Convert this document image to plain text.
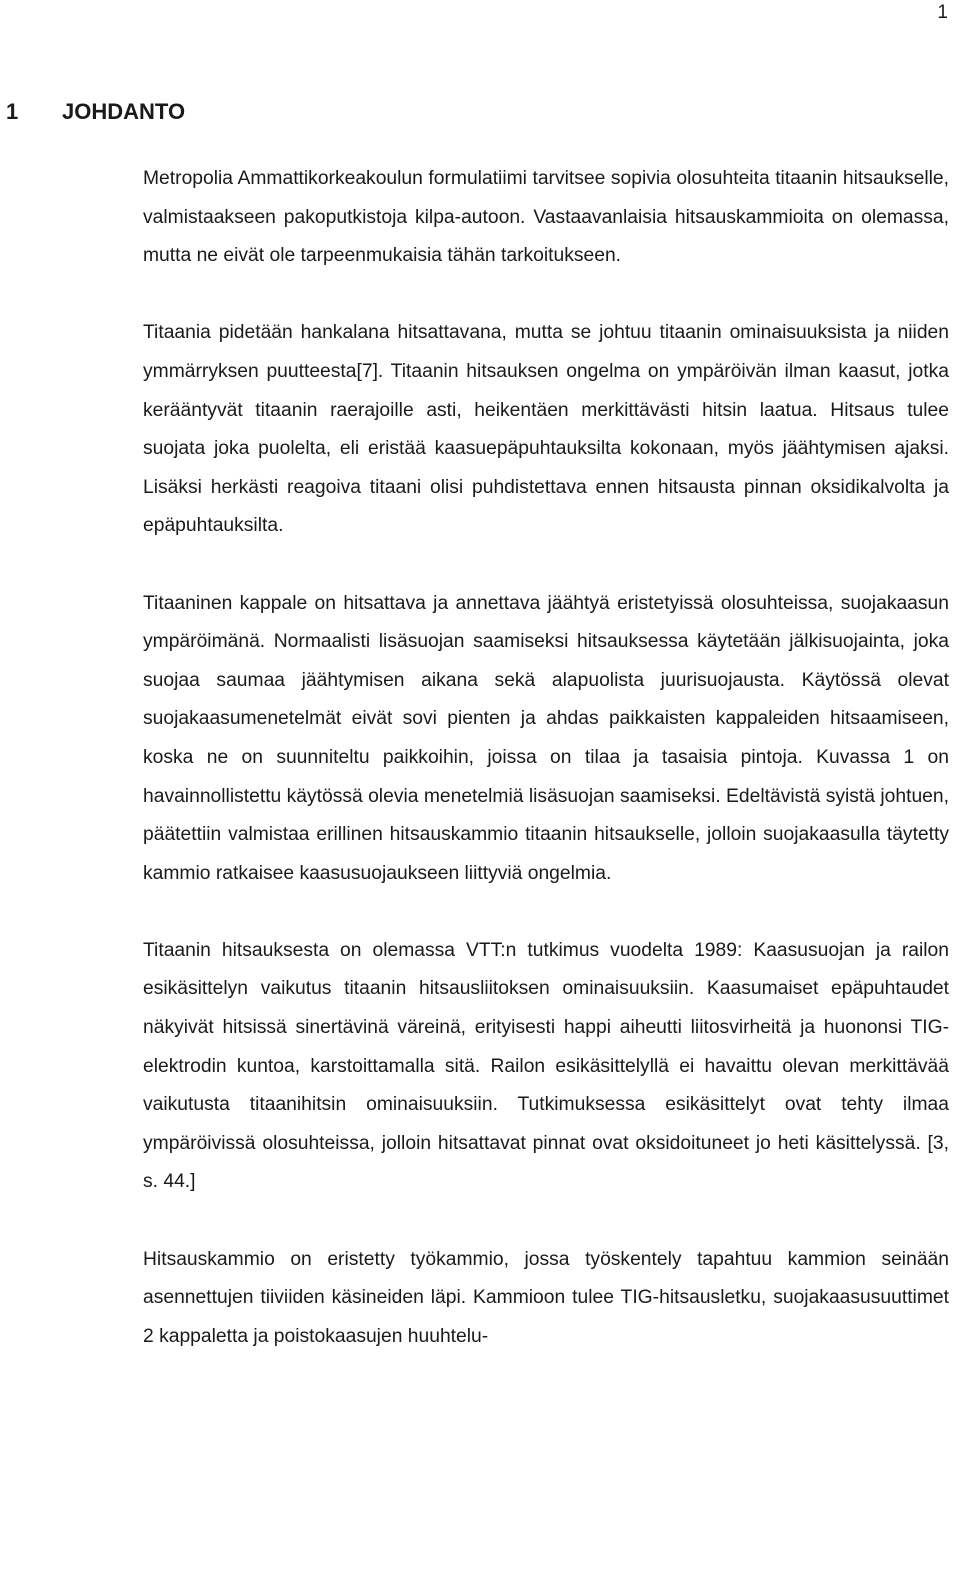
1
1 JOHDANTO

Metropolia Ammattikorkeakoulun formulatiimi tarvitsee sopivia olosuhteita titaanin hitsaukselle, valmistaakseen pakoputkistoja kilpa-autoon. Vastaavanlaisia hitsauskammioita on olemassa, mutta ne eivät ole tarpeenmukaisia tähän tarkoitukseen.

Titaania pidetään hankalana hitsattavana, mutta se johtuu titaanin ominaisuuksista ja niiden ymmärryksen puutteesta[7]. Titaanin hitsauksen ongelma on ympäröivän ilman kaasut, jotka kerääntyvät titaanin raerajoille asti, heikentäen merkittävästi hitsin laatua. Hitsaus tulee suojata joka puolelta, eli eristää kaasuepäpuhtauksilta kokonaan, myös jäähtymisen ajaksi. Lisäksi herkästi reagoiva titaani olisi puhdistettava ennen hitsausta pinnan oksidikalvolta ja epäpuhtauksilta.

Titaaninen kappale on hitsattava ja annettava jäähtyä eristetyissä olosuhteissa, suojakaasun ympäröimänä. Normaalisti lisäsuojan saamiseksi hitsauksessa käytetään jälkisuojainta, joka suojaa saumaa jäähtymisen aikana sekä alapuolista juurisuojausta. Käytössä olevat suojakaasumenetelmät eivät sovi pienten ja ahdas paikkaisten kappaleiden hitsaamiseen, koska ne on suunniteltu paikkoihin, joissa on tilaa ja tasaisia pintoja. Kuvassa 1 on havainnollistettu käytössä olevia menetelmiä lisäsuojan saamiseksi. Edeltävistä syistä johtuen, päätettiin valmistaa erillinen hitsauskammio titaanin hitsaukselle, jolloin suojakaasulla täytetty kammio ratkaisee kaasusuojaukseen liittyviä ongelmia.

Titaanin hitsauksesta on olemassa VTT:n tutkimus vuodelta 1989: Kaasusuojan ja railon esikäsittelyn vaikutus titaanin hitsausliitoksen ominaisuuksiin. Kaasumaiset epäpuhtaudet näkyivät hitsissä sinertävinä väreinä, erityisesti happi aiheutti liitosvirheitä ja huononsi TIG-elektrodin kuntoa, karstoittamalla sitä. Railon esikäsittelyllä ei havaittu olevan merkittävää vaikutusta titaanihitsin ominaisuuksiin. Tutkimuksessa esikäsittelyt ovat tehty ilmaa ympäröivissä olosuhteissa, jolloin hitsattavat pinnat ovat oksidoituneet jo heti käsittelyssä. [3, s. 44.]

Hitsauskammio on eristetty työkammio, jossa työskentely tapahtuu kammion seinään asennettujen tiiviiden käsineiden läpi. Kammioon tulee TIG-hitsausletku, suojakaasusuuttimet 2 kappaletta ja poistokaasujen huuhtelu-
